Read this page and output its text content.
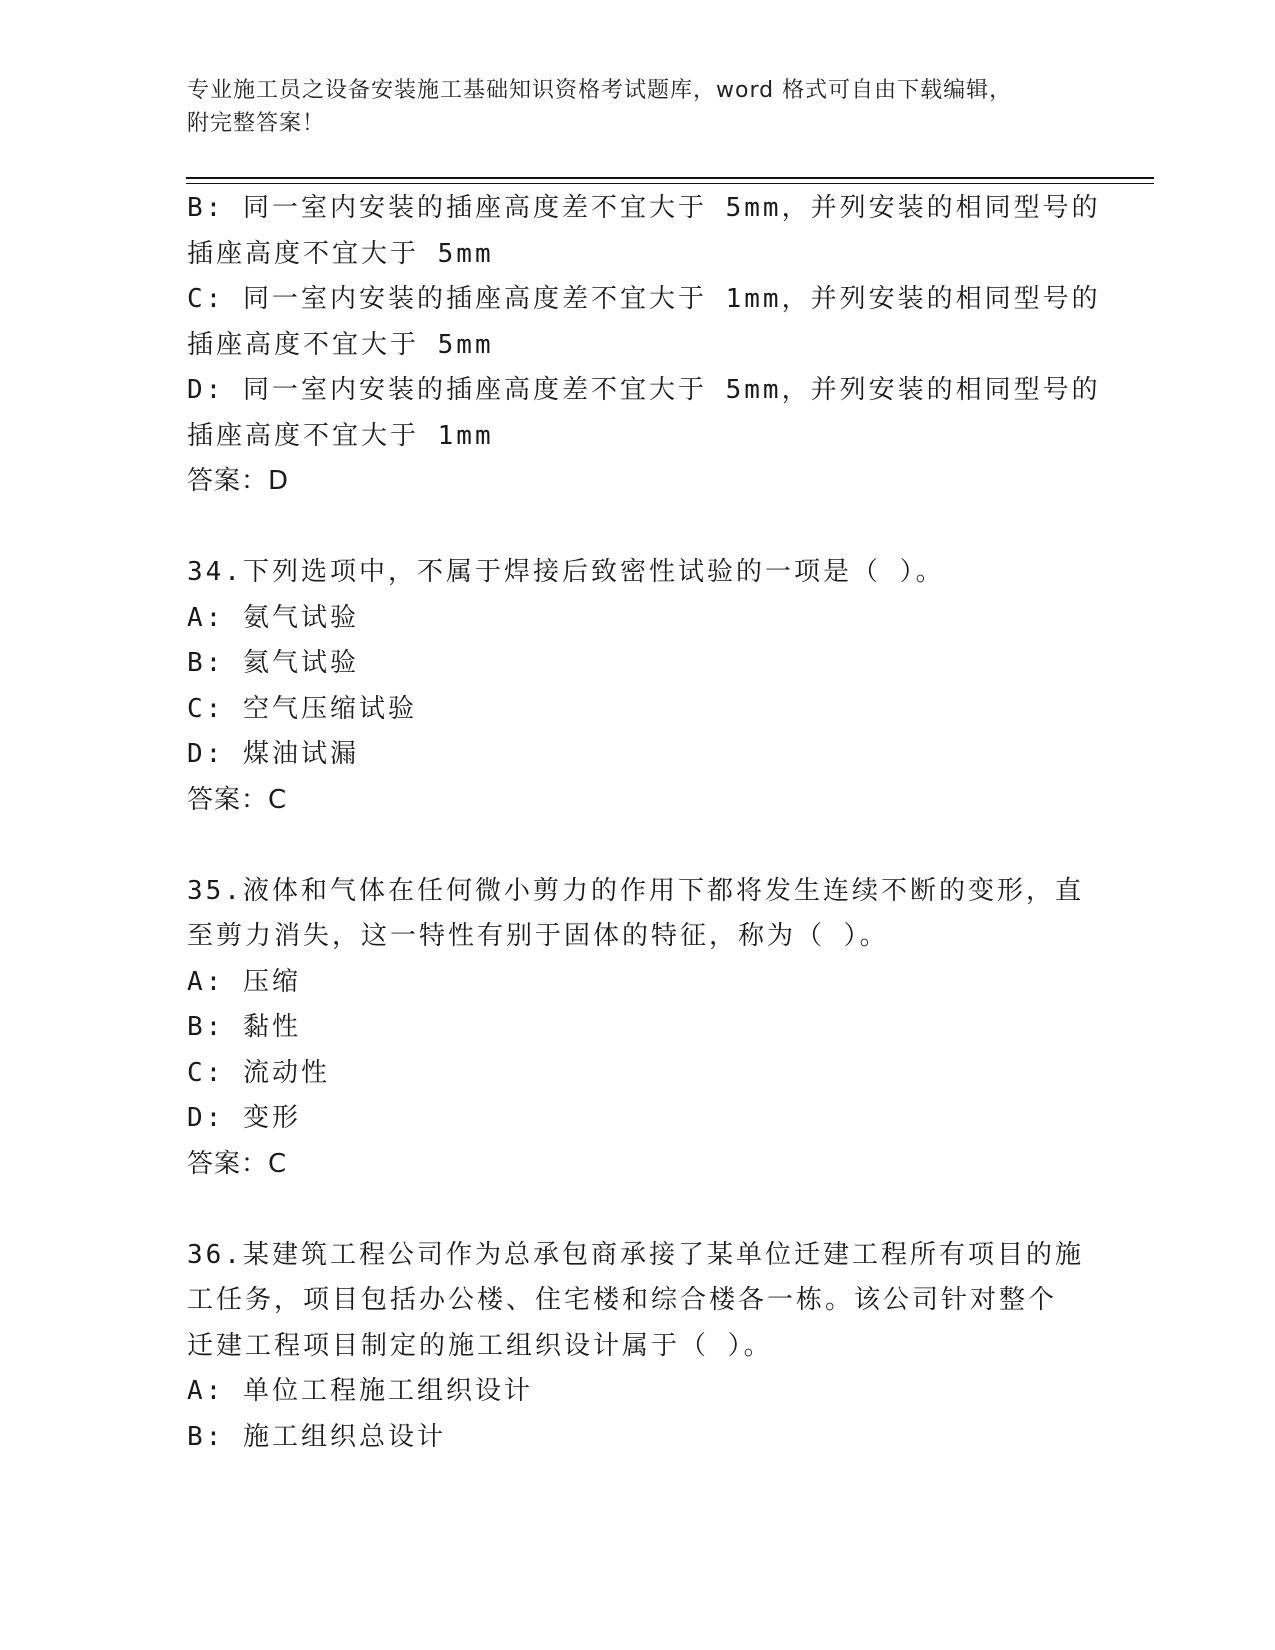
专业施工员之设备安装施工基础知识资格考试题库，word 格式可自由下载编辑，
附完整答案！
B: 同一室内安装的插座高度差不宜大于 5mm，并列安装的相同型号的
插座高度不宜大于 5mm
C: 同一室内安装的插座高度差不宜大于 1mm，并列安装的相同型号的
插座高度不宜大于 5mm
D: 同一室内安装的插座高度差不宜大于 5mm，并列安装的相同型号的
插座高度不宜大于 1mm
答案：D
34.下列选项中，不属于焊接后致密性试验的一项是（ ）。
A: 氨气试验
B: 氦气试验
C: 空气压缩试验
D: 煤油试漏
答案：C
35.液体和气体在任何微小剪力的作用下都将发生连续不断的变形，直
至剪力消失，这一特性有别于固体的特征，称为（ ）。
A: 压缩
B: 黏性
C: 流动性
D: 变形
答案：C
36.某建筑工程公司作为总承包商承接了某单位迁建工程所有项目的施
工任务，项目包括办公楼、住宅楼和综合楼各一栋。该公司针对整个
迁建工程项目制定的施工组织设计属于（ ）。
A: 单位工程施工组织设计
B: 施工组织总设计
